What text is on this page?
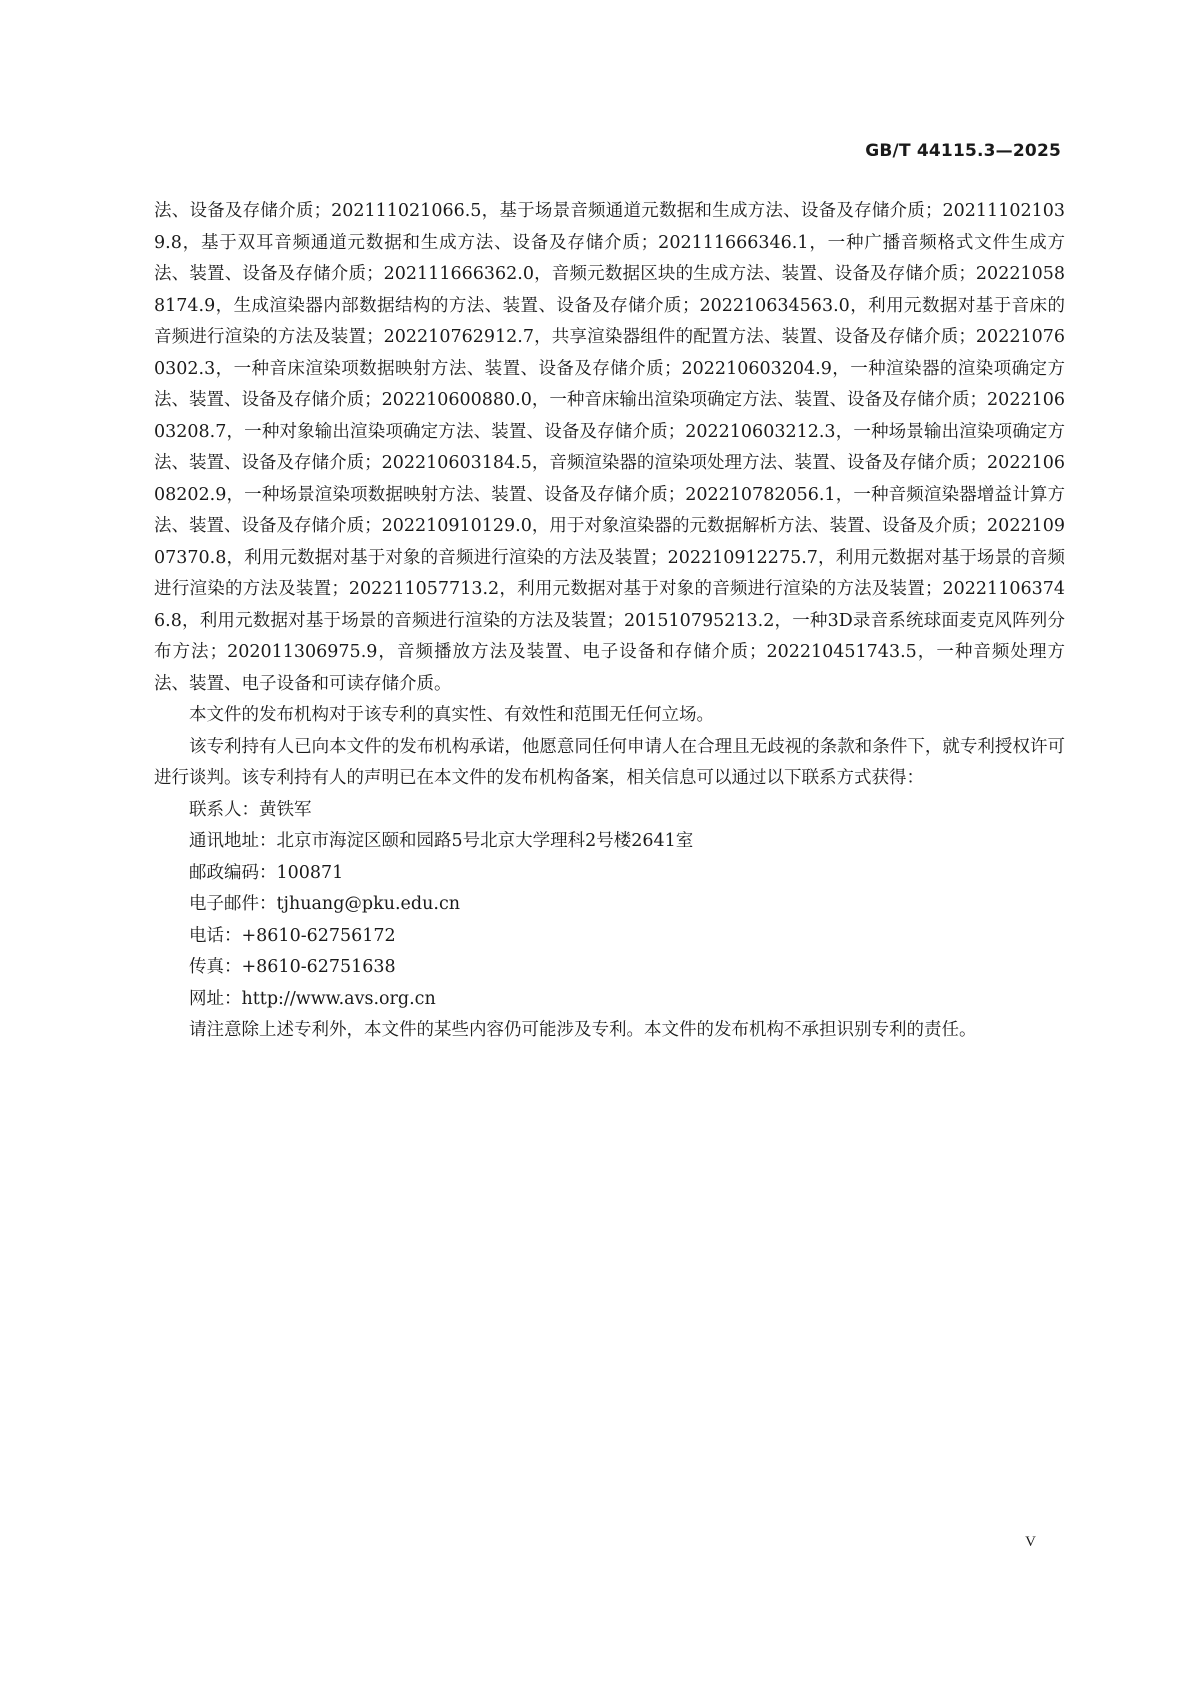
GB/T 44115.3—2025

法、设备及存储介质；202111021066.5，基于场景音频通道元数据和生成方法、设备及存储介质；202111021039.8，基于双耳音频通道元数据和生成方法、设备及存储介质；202111666346.1，一种广播音频格式文件生成方法、装置、设备及存储介质；202111666362.0，音频元数据区块的生成方法、装置、设备及存储介质；202210588174.9，生成渲染器内部数据结构的方法、装置、设备及存储介质；202210634563.0，利用元数据对基于音床的音频进行渲染的方法及装置；202210762912.7，共享渲染器组件的配置方法、装置、设备及存储介质；202210760302.3，一种音床渲染项数据映射方法、装置、设备及存储介质；202210603204.9，一种渲染器的渲染项确定方法、装置、设备及存储介质；202210600880.0，一种音床输出渲染项确定方法、装置、设备及存储介质；202210603208.7，一种对象输出渲染项确定方法、装置、设备及存储介质；202210603212.3，一种场景输出渲染项确定方法、装置、设备及存储介质；202210603184.5，音频渲染器的渲染项处理方法、装置、设备及存储介质；202210608202.9，一种场景渲染项数据映射方法、装置、设备及存储介质；202210782056.1，一种音频渲染器增益计算方法、装置、设备及存储介质；202210910129.0，用于对象渲染器的元数据解析方法、装置、设备及介质；202210907370.8，利用元数据对基于对象的音频进行渲染的方法及装置；202210912275.7，利用元数据对基于场景的音频进行渲染的方法及装置；202211057713.2，利用元数据对基于对象的音频进行渲染的方法及装置；202211063746.8，利用元数据对基于场景的音频进行渲染的方法及装置；201510795213.2，一种3D录音系统球面麦克风阵列分布方法；202011306975.9，音频播放方法及装置、电子设备和存储介质；202210451743.5，一种音频处理方法、装置、电子设备和可读存储介质。

本文件的发布机构对于该专利的真实性、有效性和范围无任何立场。

该专利持有人已向本文件的发布机构承诺，他愿意同任何申请人在合理且无歧视的条款和条件下，就专利授权许可进行谈判。该专利持有人的声明已在本文件的发布机构备案，相关信息可以通过以下联系方式获得：

联系人：黄铁军

通讯地址：北京市海淀区颐和园路5号北京大学理科2号楼2641室

邮政编码：100871

电子邮件：tjhuang@pku.edu.cn

电话：+8610-62756172

传真：+8610-62751638

网址：http://www.avs.org.cn

请注意除上述专利外，本文件的某些内容仍可能涉及专利。本文件的发布机构不承担识别专利的责任。

V
